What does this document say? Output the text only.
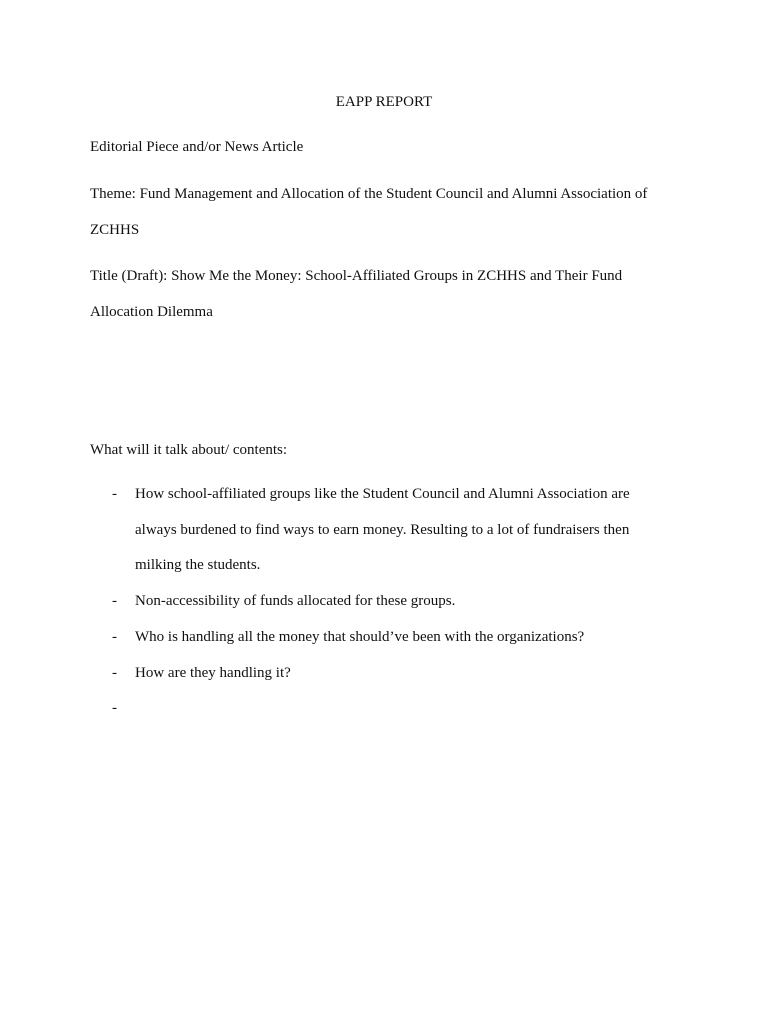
EAPP REPORT

Editorial Piece and/or News Article

Theme: Fund Management and Allocation of the Student Council and Alumni Association of ZCHHS

Title (Draft): Show Me the Money: School-Affiliated Groups in ZCHHS and Their Fund Allocation Dilemma

What will it talk about/ contents:

- How school-affiliated groups like the Student Council and Alumni Association are always burdened to find ways to earn money. Resulting to a lot of fundraisers then milking the students.
- Non-accessibility of funds allocated for these groups.
- Who is handling all the money that should’ve been with the organizations?
- How are they handling it?
-
